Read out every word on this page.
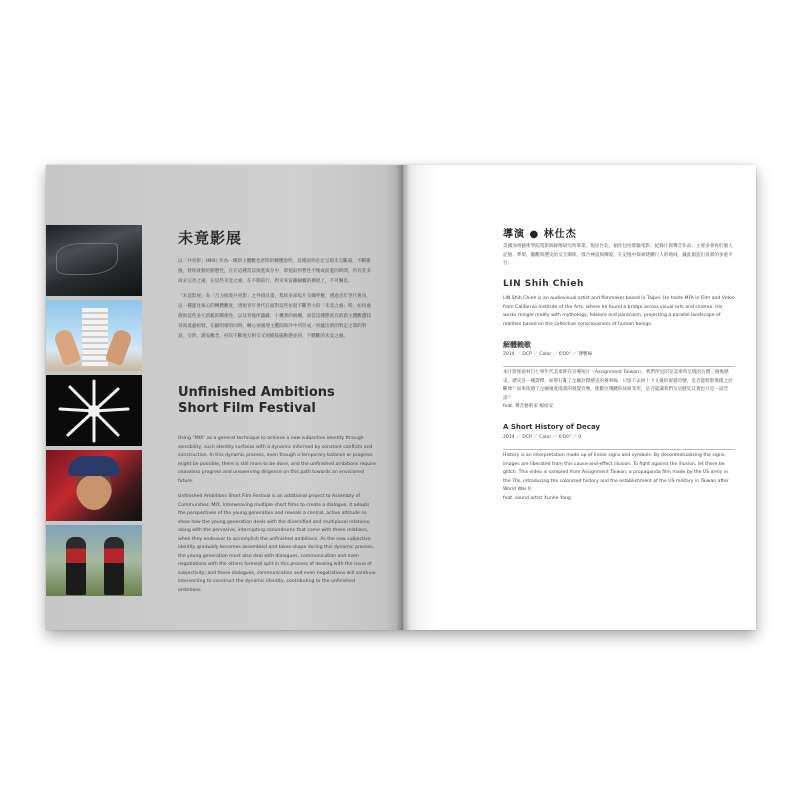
未竟影展

以「共亮影」(MIX) 作為一種新主體觀也逐間的轉體說明，這種說明必定呈現未完斷殺，不斷衝撞，曾經就動的動態性，在在這種當前演進與存中，即使取得暫性平衡或前進的時間，仍有許多尚未完善之處，在這些未竟之處，在不動前行，對未來富繼歸屬的擴展上，不可懈息。

「未竟影展」為「合力組裝共亮影」之外掛計畫，集結多部短片交織呼應，透過青年世代視角，以一種運見核心的轉體觀度，透視青年世代在面對這些仿混不斷努力的「未竟之處」時，如何處理與這些多元紛亂的關係性，以及背後所蘊藏，干擾著的糾纏，而當這種態度在的新主體觀遭找尋與逃避組裝，在顯明情的同時，轉心須處理主體間與冷中所形成／所蘊出新的對走之間的對話，交涉，溝安觀念，持次不斷地互相交叉迴續搖擺動態並的，不體斷的未竟之處。

Unfinished Ambitions Short Film Festival

Using “MIX” as a general technique to achieve a new subjective identity through sensibility, such identity surfaces with a dynamic informed by constant conflicts and construction. In this dynamic process, even though a temporary balance or progress might be possible, there is still more to be done, and the unfinished ambitions require ceaseless progress and unswerving diligence on this path towards an envisioned future.

Unfinished Ambitions Short Film Festival is an additional project to Assembly of Communities: MIX. Interweaving multiple short films to create a dialogue, it adopts the perspectives of the young generation and reveals a central, active attitude so show how the young generation deals with the diversified and multiplural relations, along with the pervasive, interrupting conundrums that come with these relations, when they endeavor to accomplish the unfinished ambitions. As the new subjective identity gradually becomes assembled and takes shape during this dynamic process, the young generation must also deal with dialogues, communication and even negotiations with the others formed/ split in this process of dealing with the issue of subjectivity; and these dialogues, communication and even negotiations will continue intersecting to construct the dynamic identity, contributing to the unfinished ambitions.

導演 ● 林仕杰
美國加州藝術學院電影與錄像研究所畢業，現居台北，創作包括實驗電影、紀錄片與聲音作品，主要多會看於個人記憶、夢境、臘觀與歷史的交互關係，揉合神話與傳說，在記憶中探索建構行人的地域，據此創造出真實的多重平台。
LIN Shih Chieh
LIN Shih Chieh is an audiovisual artist and filmmaker based in Taipei. He holds MFA in Film and Video from California Institute of the Arts, where he found a bridge across visual arts and cinema. His works mingle reality with mythology, folklore and paracosm, projecting a parallel landscape of realities based on the collective consciousness of human beings.
解體輓歌
2014 ／ DCP ／ Color ／ 6'00" ／ 聲響線
本片影像取材自七零年代美軍經在京導短片《Assignment Taiwan》，我們所見的是美軍所呈現的台灣三個後歷史。歷史是一種證釋，如將打亂了企圖詮釋歷史的視事線，只留下去掉上下文後的視覺符號，是否能將影像僅之於斷像？如果依循了企圖殖產漫畫的視覺符號，使數位殘體的故障等形，是否能讓我們友是歷史其實也只是一道咒語？
feat. 聲音藝術家 楊紹安
A Short History of Decay
2014 ／ DCP ／ Color ／ 6'00" ／ 0
History is an interpretation made up of linear signs and symbols. By decontextualizing the signs, images are liberated from this cause-and-effect illusion. To fight against the illusion, let there be glitch. This video is sampled from Assignment Taiwan, a propaganda film made by the US army in the 70s, introducing the colonized history and the establishment of the US military in Taiwan after World War II.
feat. sound artist Xunhe Yang
